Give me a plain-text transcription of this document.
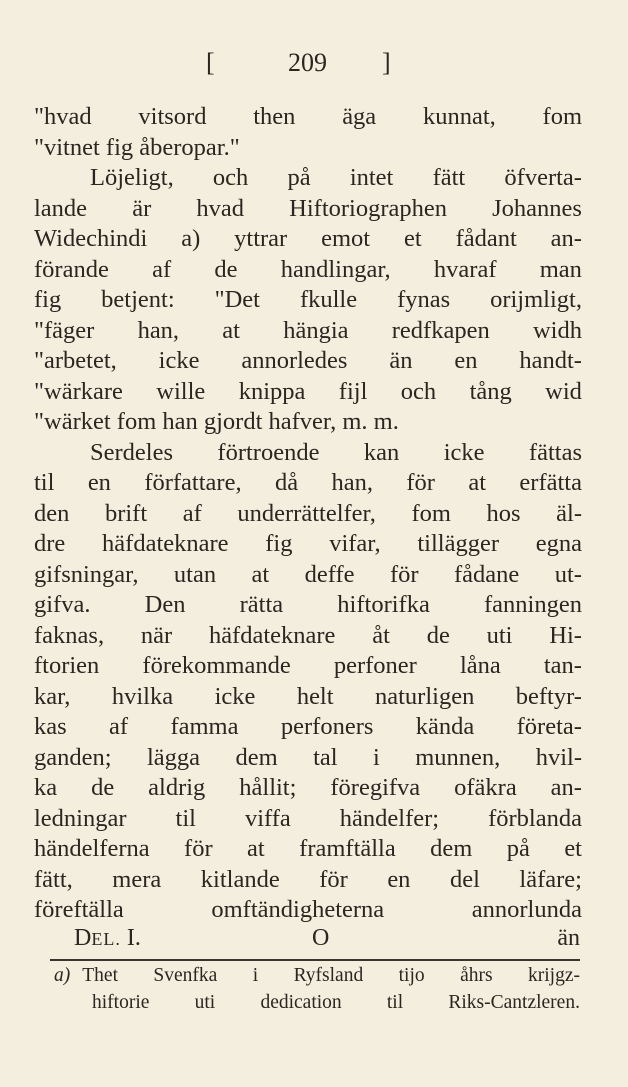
[	209 ]
"hvad vitsord then äga kunnat, fom
"vitnet fig åberopar."
Löjeligt, och på intet fätt öfverta-
lande är hvad Hiftoriographen Johannes
Widechindi a) yttrar emot et fådant an-
förande af de handlingar, hvaraf man
fig betjent: "Det fkulle fynas orijmligt,
"fäger han, at hängia redfkapen widh
"arbetet, icke annorledes än en handt-
"wärkare wille knippa fijl och tång wid
"wärket fom han gjordt hafver, m. m.
Serdeles förtroende kan icke fättas
til en författare, då han, för at erfätta
den brift af underrättelfer, fom hos äl-
dre häfdateknare fig vifar, tillägger egna
gifsningar, utan at deffe för fådane ut-
gifva. Den rätta hiftorifka fanningen
faknas, när häfdateknare åt de uti Hi-
ftorien förekommande perfoner låna tan-
kar, hvilka icke helt naturligen beftyr-
kas af famma perfoners kända företa-
ganden; lägga dem tal i munnen, hvil-
ka de aldrig hållit; föregifva ofäkra an-
ledningar til viffa händelfer; förblanda
händelferna för at framftälla dem på et
fätt, mera kitlande för en del läfare;
föreftälla	omftändigheterna	annorlunda
DEL. I.	O	än
a) Thet Svenfka i Ryfsland tijo åhrs krijgz-
hiftorie uti dedication til Riks-Cantzleren.
